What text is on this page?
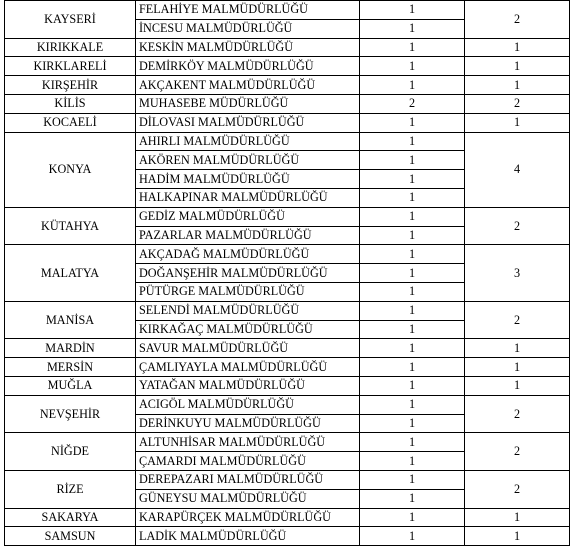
KAYSERİ	FELAHİYE MALMÜDÜRLÜĞÜ	1	2
	İNCESU MALMÜDÜRLÜĞÜ	1	
KIRIKKALE	KESKİN MALMÜDÜRLÜĞÜ	1	1
KIRKLARELİ	DEMİRKÖY MALMÜDÜRLÜĞÜ	1	1
KIRŞEHİR	AKÇAKENT MALMÜDÜRLÜĞÜ	1	1
KİLİS	MUHASEBE MÜDÜRLÜĞÜ	2	2
KOCAELİ	DİLOVASI MALMÜDÜRLÜĞÜ	1	1
KONYA	AHIRLI MALMÜDÜRLÜĞÜ	1	4
	AKÖREN MALMÜDÜRLÜĞÜ	1	
	HADİM MALMÜDÜRLÜĞÜ	1	
	HALKAPINAR MALMÜDÜRLÜĞÜ	1	
KÜTAHYA	GEDİZ MALMÜDÜRLÜĞÜ	1	2
	PAZARLAR MALMÜDÜRLÜĞÜ	1	
MALATYA	AKÇADAĞ MALMÜDÜRLÜĞÜ	1	3
	DOĞANŞEHİR MALMÜDÜRLÜĞÜ	1	
	PÜTÜRGE MALMÜDÜRLÜĞÜ	1	
MANİSA	SELENDİ MALMÜDÜRLÜĞÜ	1	2
	KIRKAĞAÇ MALMÜDÜRLÜĞÜ	1	
MARDİN	SAVUR MALMÜDÜRLÜĞÜ	1	1
MERSİN	ÇAMLIYAYLA MALMÜDÜRLÜĞÜ	1	1
MUĞLA	YATAĞAN MALMÜDÜRLÜĞÜ	1	1
NEVŞEHİR	ACIGÖL MALMÜDÜRLÜĞÜ	1	2
	DERİNKUYU MALMÜDÜRLÜĞÜ	1	
NİĞDE	ALTUNHİSAR MALMÜDÜRLÜĞÜ	1	2
	ÇAMARDI MALMÜDÜRLÜĞÜ	1	
RİZE	DEREPAZARI MALMÜDÜRLÜĞÜ	1	2
	GÜNEYSU MALMÜDÜRLÜĞÜ	1	
SAKARYA	KARAPÜRÇEK MALMÜDÜRLÜĞÜ	1	1
SAMSUN	LADİK MALMÜDÜRLÜĞÜ	1	1
